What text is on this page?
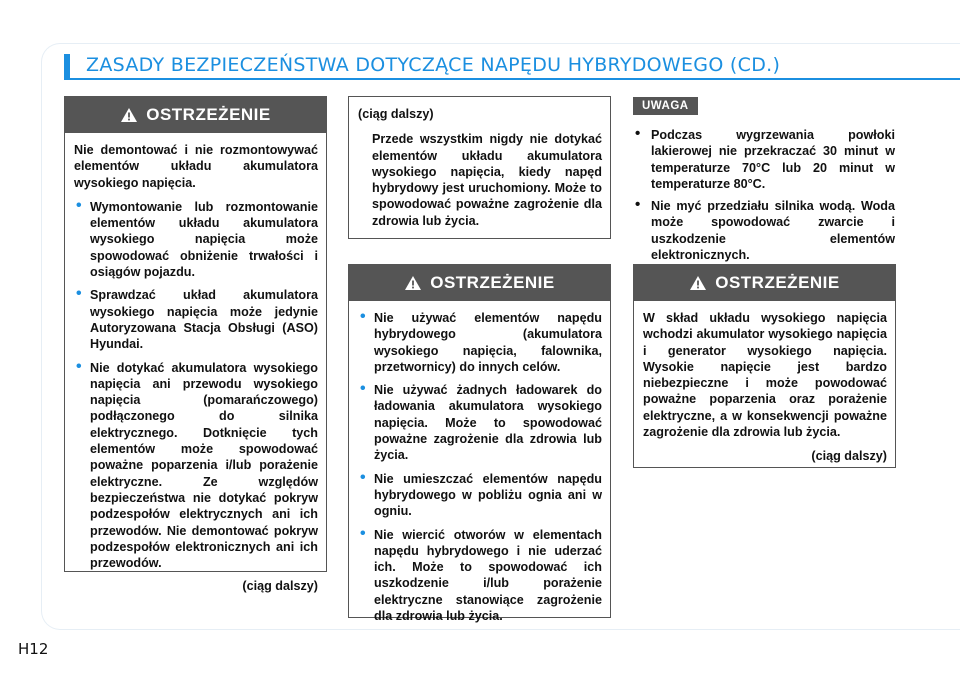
ZASADY BEZPIECZEŃSTWA DOTYCZĄCE NAPĘDU HYBRYDOWEGO (CD.)
OSTRZEŻENIE

Nie demontować i nie rozmontowywać elementów układu akumulatora wysokiego napięcia.

• Wymontowanie lub rozmontowanie elementów układu akumulatora wysokiego napięcia może spowodować obniżenie trwałości i osiągów pojazdu.
• Sprawdzać układ akumulatora wysokiego napięcia może jedynie Autoryzowana Stacja Obsługi (ASO) Hyundai.
• Nie dotykać akumulatora wysokiego napięcia ani przewodu wysokiego napięcia (pomarańczowego) podłączonego do silnika elektrycznego. Dotknięcie tych elementów może spowodować poważne poparzenia i/lub porażenie elektryczne. Ze względów bezpieczeństwa nie dotykać pokryw podzespołów elektrycznych ani ich przewodów. Nie demontować pokryw podzespołów elektronicznych ani ich przewodów.
(ciąg dalszy)

(ciąg dalszy)

Przede wszystkim nigdy nie dotykać elementów układu akumulatora wysokiego napięcia, kiedy napęd hybrydowy jest uruchomiony. Może to spowodować poważne zagrożenie dla zdrowia lub życia.

OSTRZEŻENIE
• Nie używać elementów napędu hybrydowego (akumulatora wysokiego napięcia, falownika, przetwornicy) do innych celów.
• Nie używać żadnych ładowarek do ładowania akumulatora wysokiego napięcia. Może to spowodować poważne zagrożenie dla zdrowia lub życia.
• Nie umieszczać elementów napędu hybrydowego w pobliżu ognia ani w ogniu.
• Nie wiercić otworów w elementach napędu hybrydowego i nie uderzać ich. Może to spowodować ich uszkodzenie i/lub porażenie elektryczne stanowiące zagrożenie dla zdrowia lub życia.
UWAGA
• Podczas wygrzewania powłoki lakierowej nie przekraczać 30 minut w temperaturze 70°C lub 20 minut w temperaturze 80°C.
• Nie myć przedziału silnika wodą. Woda może spowodować zwarcie i uszkodzenie elementów elektronicznych.
OSTRZEŻENIE

W skład układu wysokiego napięcia wchodzi akumulator wysokiego napięcia i generator wysokiego napięcia. Wysokie napięcie jest bardzo niebezpieczne i może powodować poważne poparzenia oraz porażenie elektryczne, a w konsekwencji poważne zagrożenie dla zdrowia lub życia.

(ciąg dalszy)
H12
